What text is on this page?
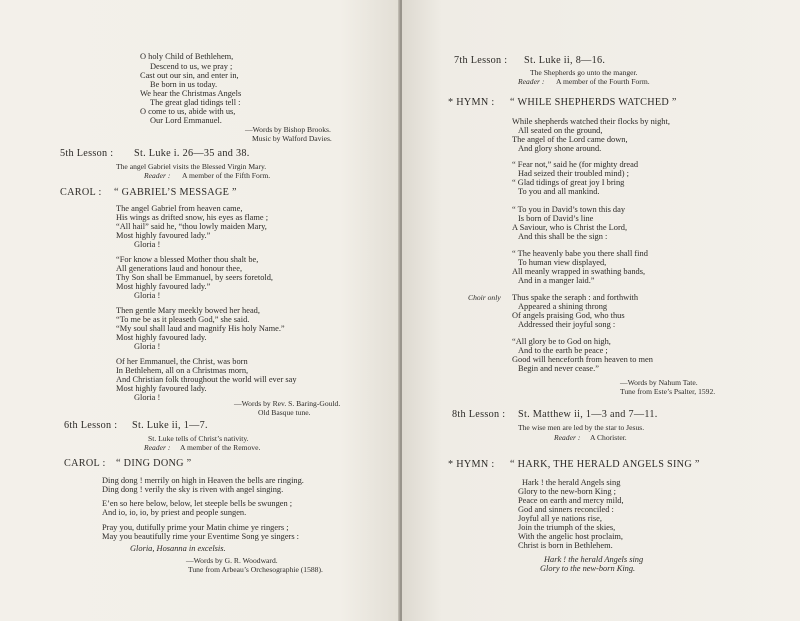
O holy Child of Bethlehem,
Descend to us, we pray ;
Cast out our sin, and enter in,
Be born in us today.
We hear the Christmas Angels
The great glad tidings tell :
O come to us, abide with us,
Our Lord Emmanuel.
—Words by Bishop Brooks.
Music by Walford Davies.
5th Lesson : St. Luke i. 26—35 and 38.
The angel Gabriel visits the Blessed Virgin Mary.
Reader : A member of the Fifth Form.
CAROL : “ GABRIEL’S MESSAGE ”
The angel Gabriel from heaven came,
His wings as drifted snow, his eyes as flame ;
“All hail” said he, “thou lowly maiden Mary,
Most highly favoured lady.”
Gloria !
“For know a blessed Mother thou shalt be,
All generations laud and honour thee,
Thy Son shall be Emmanuel, by seers foretold,
Most highly favoured lady.”
Gloria !
Then gentle Mary meekly bowed her head,
“To me be as it pleaseth God,” she said.
“My soul shall laud and magnify His holy Name.”
Most highly favoured lady.
Gloria !
Of her Emmanuel, the Christ, was born
In Bethlehem, all on a Christmas morn,
And Christian folk throughout the world will ever say
Most highly favoured lady.
Gloria !
—Words by Rev. S. Baring-Gould.
Old Basque tune.
6th Lesson : St. Luke ii, 1—7.
St. Luke tells of Christ’s nativity.
Reader : A member of the Remove.
CAROL : “ DING DONG ”
Ding dong ! merrily on high in Heaven the bells are ringing.
Ding dong ! verily the sky is riven with angel singing.
E’en so here below, below, let steeple bells be swungen ;
And io, io, io, by priest and people sungen.
Pray you, dutifully prime your Matin chime ye ringers ;
May you beautifully rime your Eventime Song ye singers :
Gloria, Hosanna in excelsis.
—Words by G. R. Woodward.
Tune from Arbeau’s Orchesographie (1588).
7th Lesson : St. Luke ii, 8—16.
The Shepherds go unto the manger.
Reader : A member of the Fourth Form.
* HYMN : “ WHILE SHEPHERDS WATCHED ”
While shepherds watched their flocks by night,
All seated on the ground,
The angel of the Lord came down,
And glory shone around.
“ Fear not,” said he (for mighty dread
Had seized their troubled mind) ;
“ Glad tidings of great joy I bring
To you and all mankind.
“ To you in David’s town this day
Is born of David’s line
A Saviour, who is Christ the Lord,
And this shall be the sign :
“ The heavenly babe you there shall find
To human view displayed,
All meanly wrapped in swathing bands,
And in a manger laid.”
Choir only Thus spake the seraph : and forthwith
Appeared a shining throng
Of angels praising God, who thus
Addressed their joyful song :
“All glory be to God on high,
And to the earth be peace ;
Good will henceforth from heaven to men
Begin and never cease.”
—Words by Nahum Tate.
Tune from Este’s Psalter, 1592.
8th Lesson : St. Matthew ii, 1—3 and 7—11.
The wise men are led by the star to Jesus.
Reader : A Chorister.
* HYMN : “ HARK, THE HERALD ANGELS SING ”
Hark ! the herald Angels sing
Glory to the new-born King ;
Peace on earth and mercy mild,
God and sinners reconciled :
Joyful all ye nations rise,
Join the triumph of the skies,
With the angelic host proclaim,
Christ is born in Bethlehem.
Hark ! the herald Angels sing
Glory to the new-born King.
